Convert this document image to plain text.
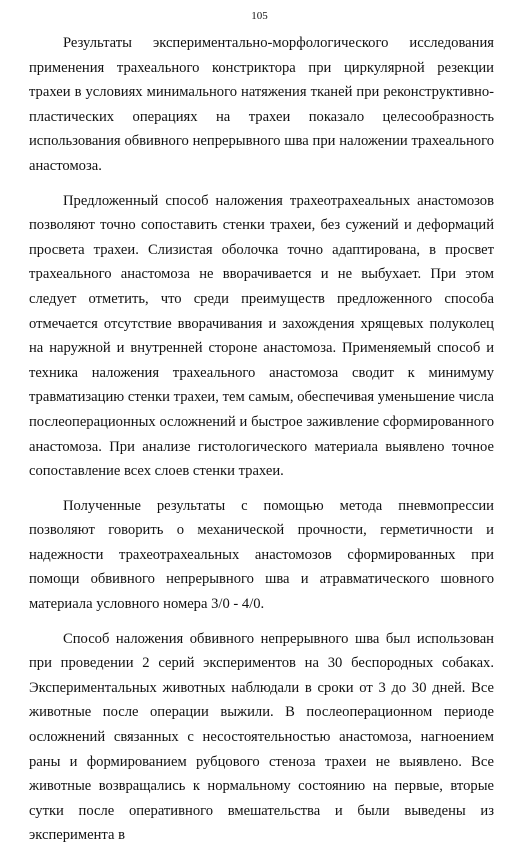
105

Результаты экспериментально-морфологического исследования применения трахеального констриктора при циркулярной резекции трахеи в условиях минимального натяжения тканей при реконструктивно-пластических операциях на трахеи показало целесообразность использования обвивного непрерывного шва при наложении трахеального анастомоза.

Предложенный способ наложения трахеотрахеальных анастомозов позволяют точно сопоставить стенки трахеи, без сужений и деформаций просвета трахеи. Слизистая оболочка точно адаптирована, в просвет трахеального анастомоза не вворачивается и не выбухает. При этом следует отметить, что среди преимуществ предложенного способа отмечается отсутствие вворачивания и захождения хрящевых полуколец на наружной и внутренней стороне анастомоза. Применяемый способ и техника наложения трахеального анастомоза сводит к минимуму травматизацию стенки трахеи, тем самым, обеспечивая уменьшение числа послеоперационных осложнений и быстрое заживление сформированного анастомоза. При анализе гистологического материала выявлено точное сопоставление всех слоев стенки трахеи.

Полученные результаты с помощью метода пневмопрессии позволяют говорить о механической прочности, герметичности и надежности трахеотрахеальных анастомозов сформированных при помощи обвивного непрерывного шва и атравматического шовного материала условного номера 3/0 - 4/0.

Способ наложения обвивного непрерывного шва был использован при проведении 2 серий экспериментов на 30 беспородных собаках. Экспериментальных животных наблюдали в сроки от 3 до 30 дней. Все животные после операции выжили. В послеоперационном периоде осложнений связанных с несостоятельностью анастомоза, нагноением раны и формированием рубцового стеноза трахеи не выявлено. Все животные возвращались к нормальному состоянию на первые, вторые сутки после оперативного вмешательства и были выведены из эксперимента в
